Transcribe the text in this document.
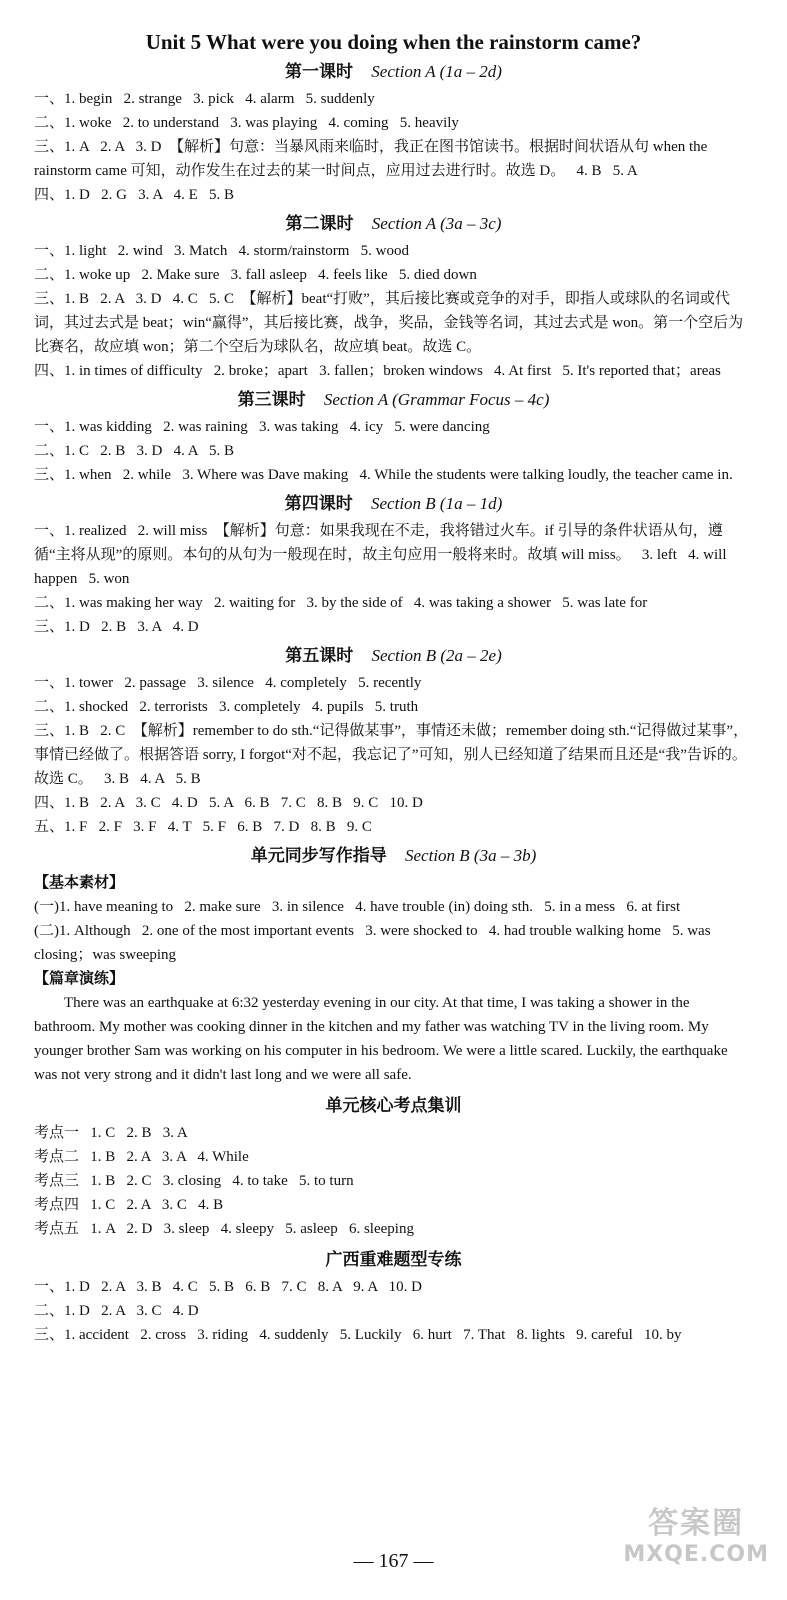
Unit 5 What were you doing when the rainstorm came?
第一课时 Section A (1a – 2d)
一、1. begin   2. strange   3. pick   4. alarm   5. suddenly
二、1. woke   2. to understand   3. was playing   4. coming   5. heavily
三、1. A   2. A   3. D  【解析】句意：当暴风雨来临时，我正在图书馆读书。根据时间状语从句 when the rainstorm came 可知，动作发生在过去的某一时间点，应用过去进行时。故选 D。   4. B   5. A
四、1. D   2. G   3. A   4. E   5. B
第二课时 Section A (3a – 3c)
一、1. light   2. wind   3. Match   4. storm/rainstorm   5. wood
二、1. woke up   2. Make sure   3. fall asleep   4. feels like   5. died down
三、1. B   2. A   3. D   4. C   5. C  【解析】beat“打败”，其后接比赛或竞争的对手，即指人或球队的名词或代词，其过去式是 beat；win“赢得”，其后接比赛，战争，奖品，金钱等名词，其过去式是 won。第一个空后为比赛名，故应填 won；第二个空后为球队名，故应填 beat。故选 C。
四、1. in times of difficulty   2. broke；apart   3. fallen；broken windows   4. At first   5. It's reported that；areas
第三课时 Section A (Grammar Focus – 4c)
一、1. was kidding   2. was raining   3. was taking   4. icy   5. were dancing
二、1. C   2. B   3. D   4. A   5. B
三、1. when   2. while   3. Where was Dave making   4. While the students were talking loudly, the teacher came in.
第四课时 Section B (1a – 1d)
一、1. realized   2. will miss  【解析】句意：如果我现在不走，我将错过火车。if 引导的条件状语从句，遵循“主将从现”的原则。本句的从句为一般现在时，故主句应用一般将来时。故填 will miss。   3. left   4. will happen   5. won
二、1. was making her way   2. waiting for   3. by the side of   4. was taking a shower   5. was late for
三、1. D   2. B   3. A   4. D
第五课时 Section B (2a – 2e)
一、1. tower   2. passage   3. silence   4. completely   5. recently
二、1. shocked   2. terrorists   3. completely   4. pupils   5. truth
三、1. B   2. C  【解析】remember to do sth.“记得做某事”，事情还未做；remember doing sth.“记得做过某事”，事情已经做了。根据答语 sorry, I forgot“对不起，我忘记了”可知，别人已经知道了结果而且还是“我”告诉的。故选 C。   3. B   4. A   5. B
四、1. B   2. A   3. C   4. D   5. A   6. B   7. C   8. B   9. C   10. D
五、1. F   2. F   3. F   4. T   5. F   6. B   7. D   8. B   9. C
单元同步写作指导 Section B (3a – 3b)
【基本素材】
(一)1. have meaning to   2. make sure   3. in silence   4. have trouble (in) doing sth.   5. in a mess   6. at first
(二)1. Although   2. one of the most important events   3. were shocked to   4. had trouble walking home   5. was closing；was sweeping
【篇章演练】

There was an earthquake at 6:32 yesterday evening in our city. At that time, I was taking a shower in the bathroom. My mother was cooking dinner in the kitchen and my father was watching TV in the living room. My younger brother Sam was working on his computer in his bedroom. We were a little scared. Luckily, the earthquake was not very strong and it didn't last long and we were all safe.

单元核心考点集训
考点一   1. C   2. B   3. A
考点二   1. B   2. A   3. A   4. While
考点三   1. B   2. C   3. closing   4. to take   5. to turn
考点四   1. C   2. A   3. C   4. B
考点五   1. A   2. D   3. sleep   4. sleepy   5. asleep   6. sleeping
广西重难题型专练
一、1. D   2. A   3. B   4. C   5. B   6. B   7. C   8. A   9. A   10. D
二、1. D   2. A   3. C   4. D
三、1. accident   2. cross   3. riding   4. suddenly   5. Luckily   6. hurt   7. That   8. lights   9. careful   10. by
— 167 —
答案圈
MXQE.COM
